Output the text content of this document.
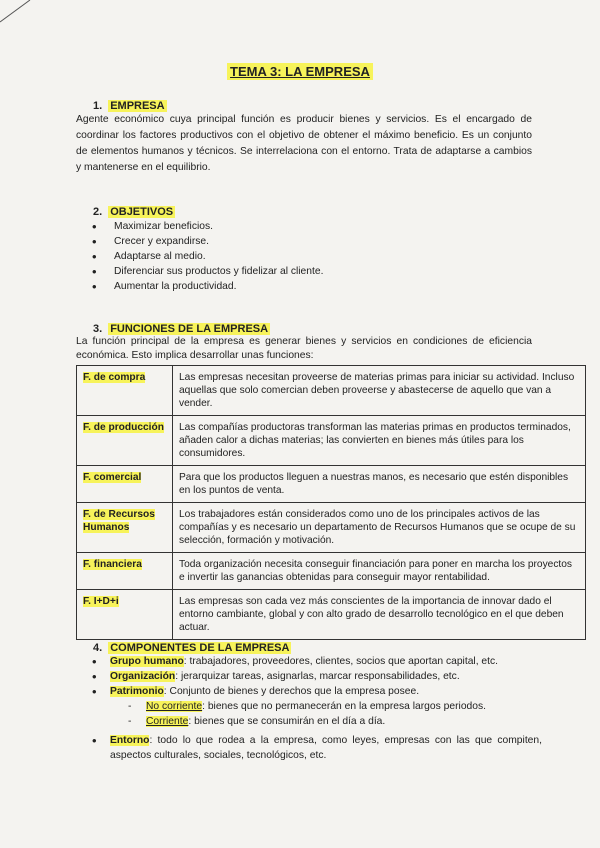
TEMA 3: LA EMPRESA
1. EMPRESA
Agente económico cuya principal función es producir bienes y servicios. Es el encargado de coordinar los factores productivos con el objetivo de obtener el máximo beneficio. Es un conjunto de elementos humanos y técnicos. Se interrelaciona con el entorno. Trata de adaptarse a cambios y mantenerse en el equilibrio.
2. OBJETIVOS
• Maximizar beneficios.
• Crecer y expandirse.
• Adaptarse al medio.
• Diferenciar sus productos y fidelizar al cliente.
• Aumentar la productividad.
3. FUNCIONES DE LA EMPRESA
La función principal de la empresa es generar bienes y servicios en condiciones de eficiencia económica. Esto implica desarrollar unas funciones:
F. de compra	Las empresas necesitan proveerse de materias primas para iniciar su actividad. Incluso aquellas que solo comercian deben proveerse y abastecerse de aquello que van a vender.
F. de producción	Las compañías productoras transforman las materias primas en productos terminados, añaden calor a dichas materias; las convierten en bienes más útiles para los consumidores.
F. comercial	Para que los productos lleguen a nuestras manos, es necesario que estén disponibles en los puntos de venta.
F. de Recursos Humanos	Los trabajadores están considerados como uno de los principales activos de las compañías y es necesario un departamento de Recursos Humanos que se ocupe de su selección, formación y motivación.
F. financiera	Toda organización necesita conseguir financiación para poner en marcha los proyectos e invertir las ganancias obtenidas para conseguir mayor rentabilidad.
F. I+D+i	Las empresas son cada vez más conscientes de la importancia de innovar dado el entorno cambiante, global y con alto grado de desarrollo tecnológico en el que deben actuar.
4. COMPONENTES DE LA EMPRESA
• Grupo humano: trabajadores, proveedores, clientes, socios que aportan capital, etc.
• Organización: jerarquizar tareas, asignarlas, marcar responsabilidades, etc.
• Patrimonio: Conjunto de bienes y derechos que la empresa posee.
- No corriente: bienes que no permanecerán en la empresa largos periodos.
- Corriente: bienes que se consumirán en el día a día.
• Entorno: todo lo que rodea a la empresa, como leyes, empresas con las que compiten, aspectos culturales, sociales, tecnológicos, etc.
